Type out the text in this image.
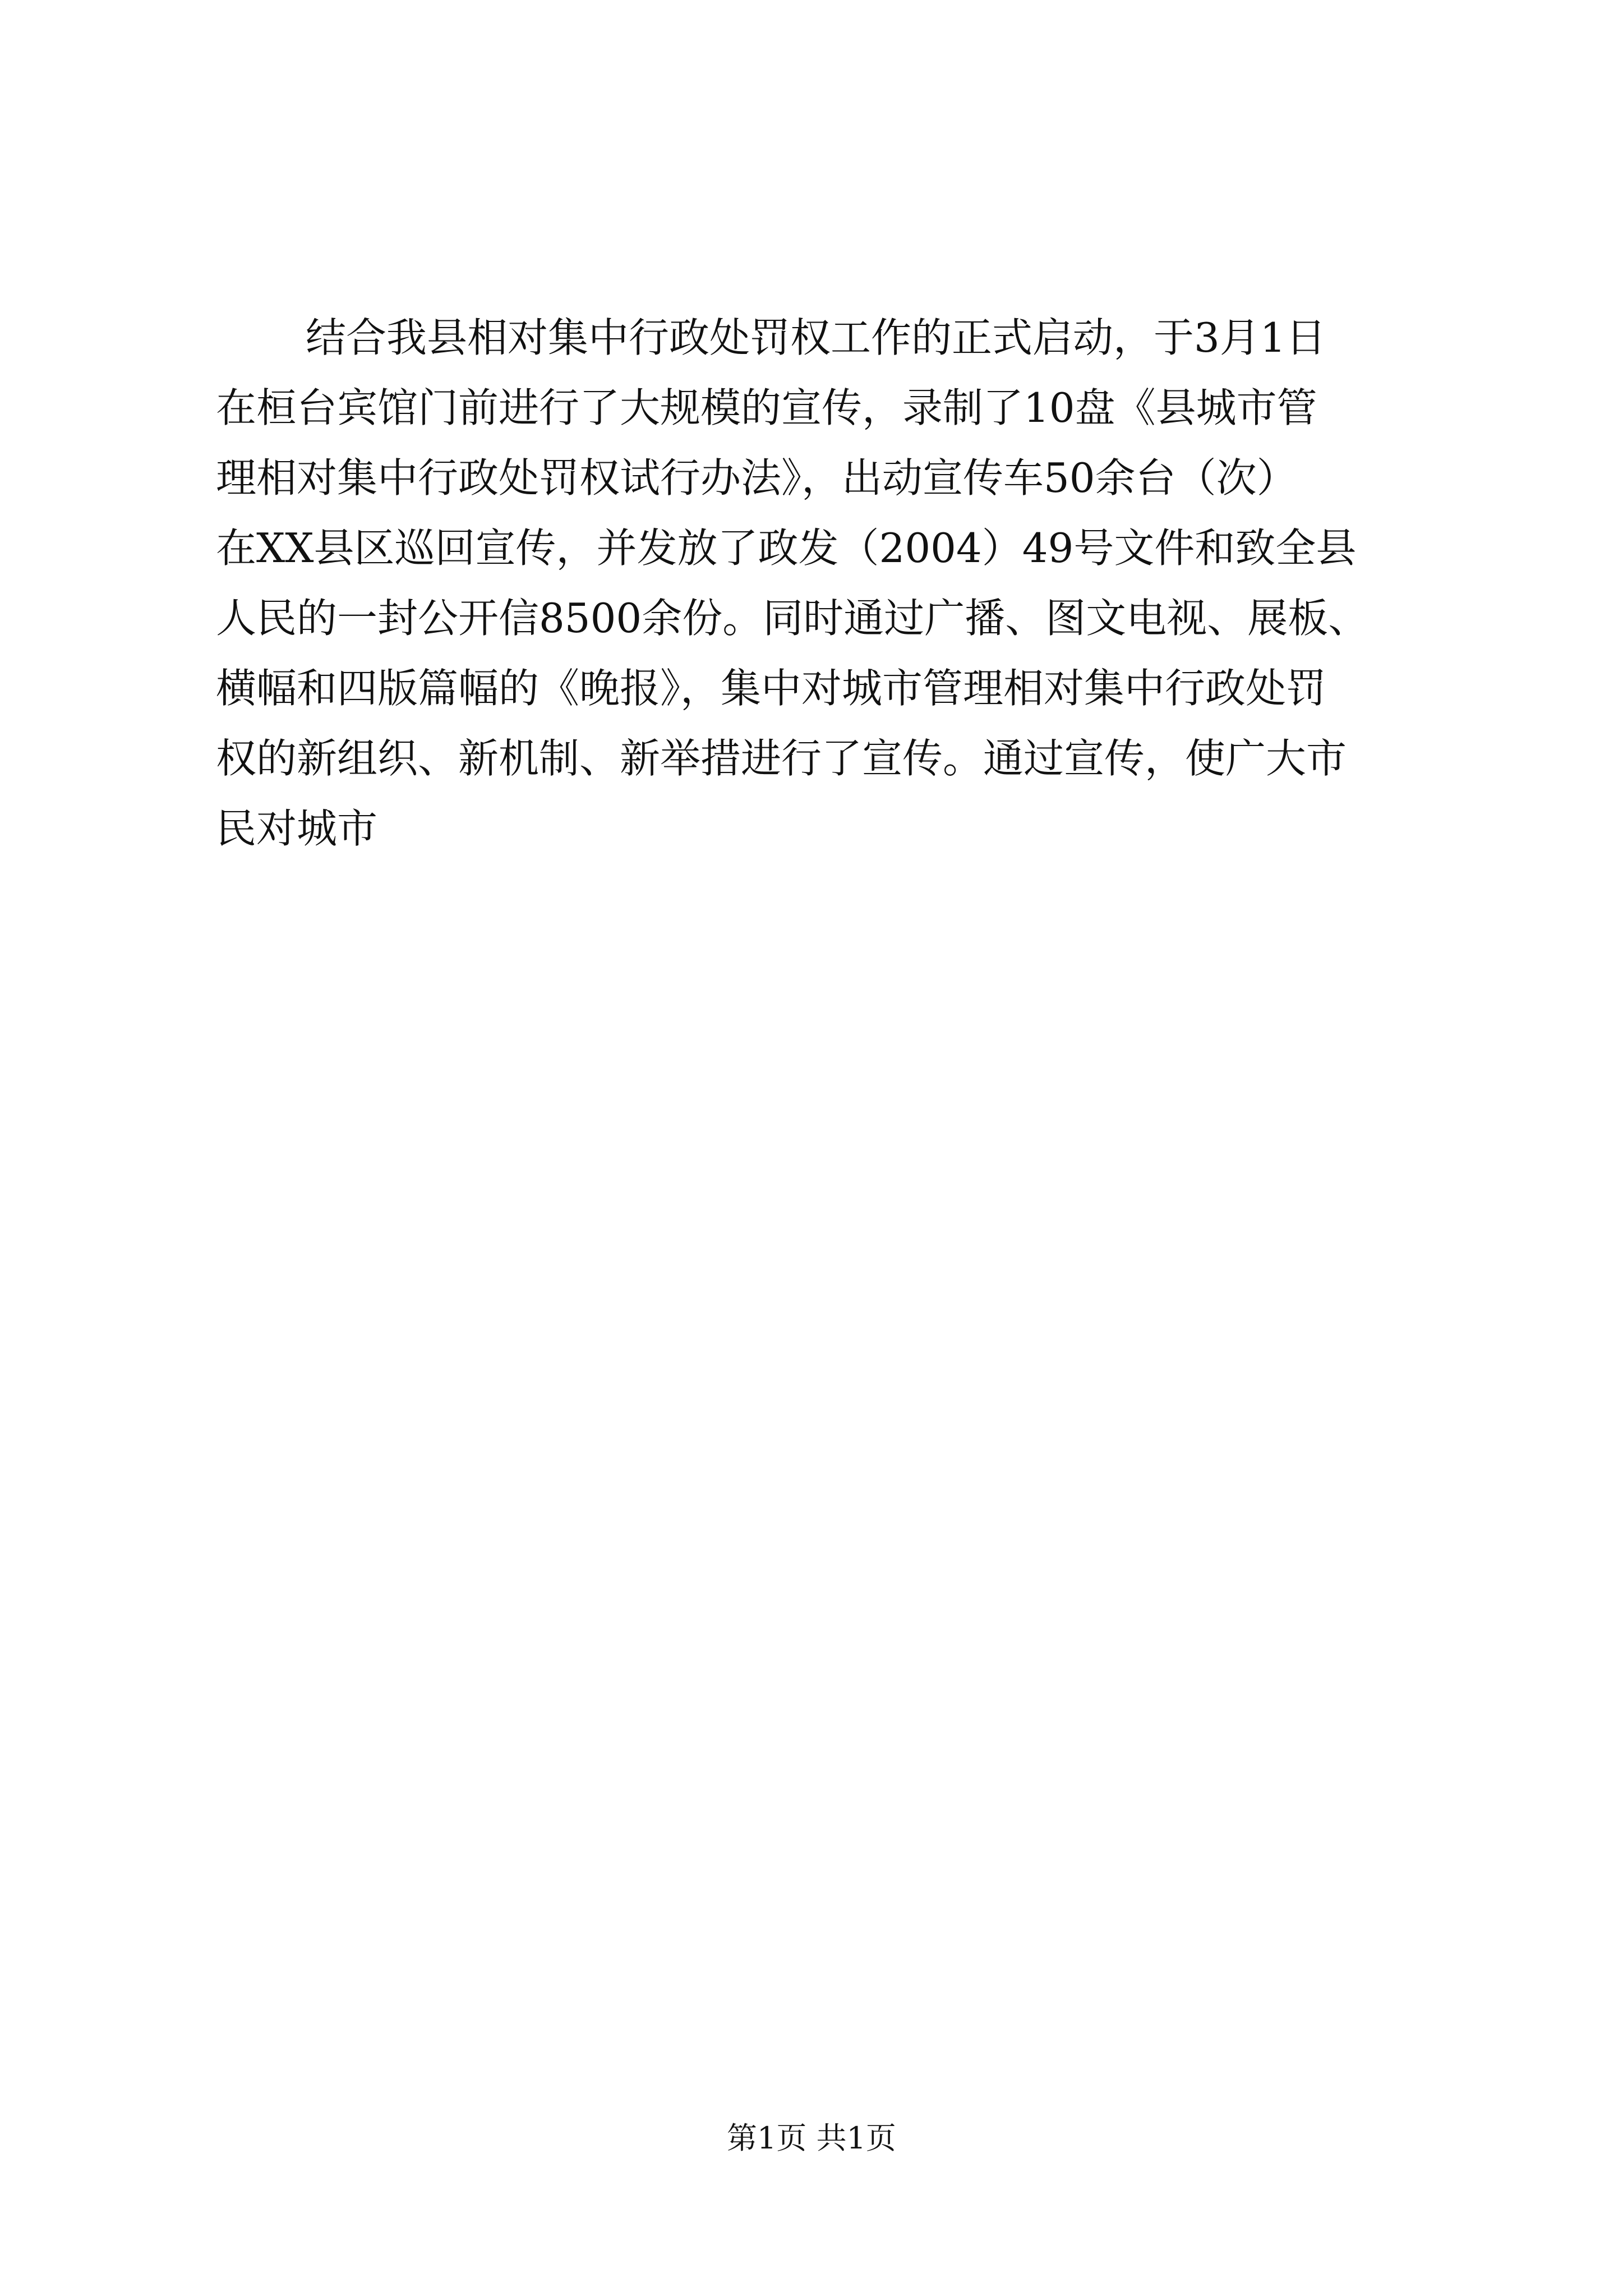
结合我县相对集中行政处罚权工作的正式启动，于3月1日
在桓台宾馆门前进行了大规模的宣传，录制了10盘《县城市管
理相对集中行政处罚权试行办法》，出动宣传车50余台（次）
在XX县区巡回宣传，并发放了政发（2004）49号文件和致全县
人民的一封公开信8500余份。同时通过广播、图文电视、展板、
横幅和四版篇幅的《晚报》，集中对城市管理相对集中行政处罚
权的新组织、新机制、新举措进行了宣传。通过宣传，使广大市
民对城市
第1页 共1页
